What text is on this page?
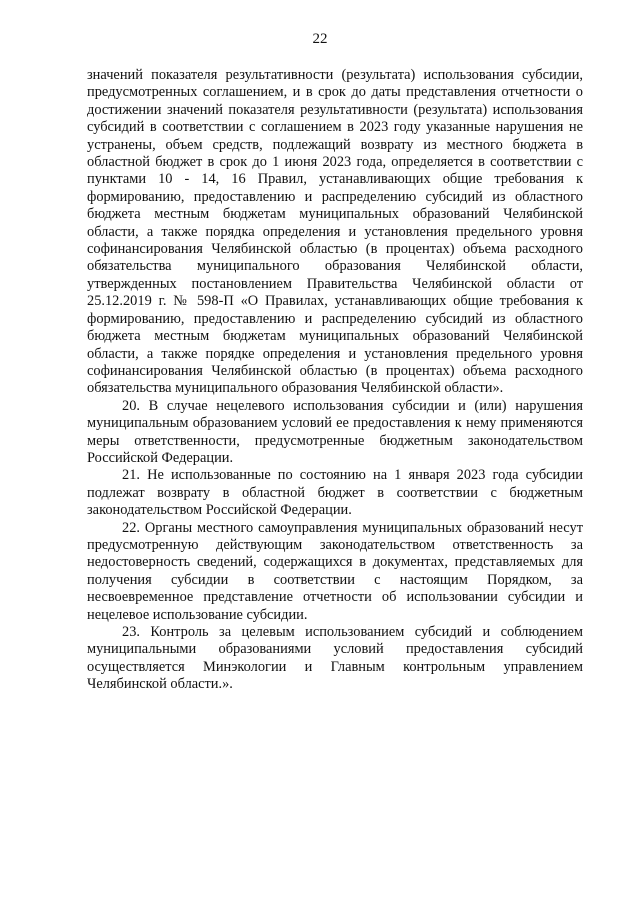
22

значений показателя результативности (результата) использования субсидии, предусмотренных соглашением, и в срок до даты представления отчетности о достижении значений показателя результативности (результата) использования субсидий в соответствии с соглашением в 2023 году указанные нарушения не устранены, объем средств, подлежащий возврату из местного бюджета в областной бюджет в срок до 1 июня 2023 года, определяется в соответствии с пунктами 10 - 14, 16 Правил, устанавливающих общие требования к формированию, предоставлению и распределению субсидий из областного бюджета местным бюджетам муниципальных образований Челябинской области, а также порядка определения и установления предельного уровня софинансирования Челябинской областью (в процентах) объема расходного обязательства муниципального образования Челябинской области, утвержденных постановлением Правительства Челябинской области от 25.12.2019 г. № 598-П «О Правилах, устанавливающих общие требования к формированию, предоставлению и распределению субсидий из областного бюджета местным бюджетам муниципальных образований Челябинской области, а также порядке определения и установления предельного уровня софинансирования Челябинской областью (в процентах) объема расходного обязательства муниципального образования Челябинской области».

20. В случае нецелевого использования субсидии и (или) нарушения муниципальным образованием условий ее предоставления к нему применяются меры ответственности, предусмотренные бюджетным законодательством Российской Федерации.

21. Не использованные по состоянию на 1 января 2023 года субсидии подлежат возврату в областной бюджет в соответствии с бюджетным законодательством Российской Федерации.

22. Органы местного самоуправления муниципальных образований несут предусмотренную действующим законодательством ответственность за недостоверность сведений, содержащихся в документах, представляемых для получения субсидии в соответствии с настоящим Порядком, за несвоевременное представление отчетности об использовании субсидии и нецелевое использование субсидии.

23. Контроль за целевым использованием субсидий и соблюдением муниципальными образованиями условий предоставления субсидий осуществляется Минэкологии и Главным контрольным управлением Челябинской области.».
